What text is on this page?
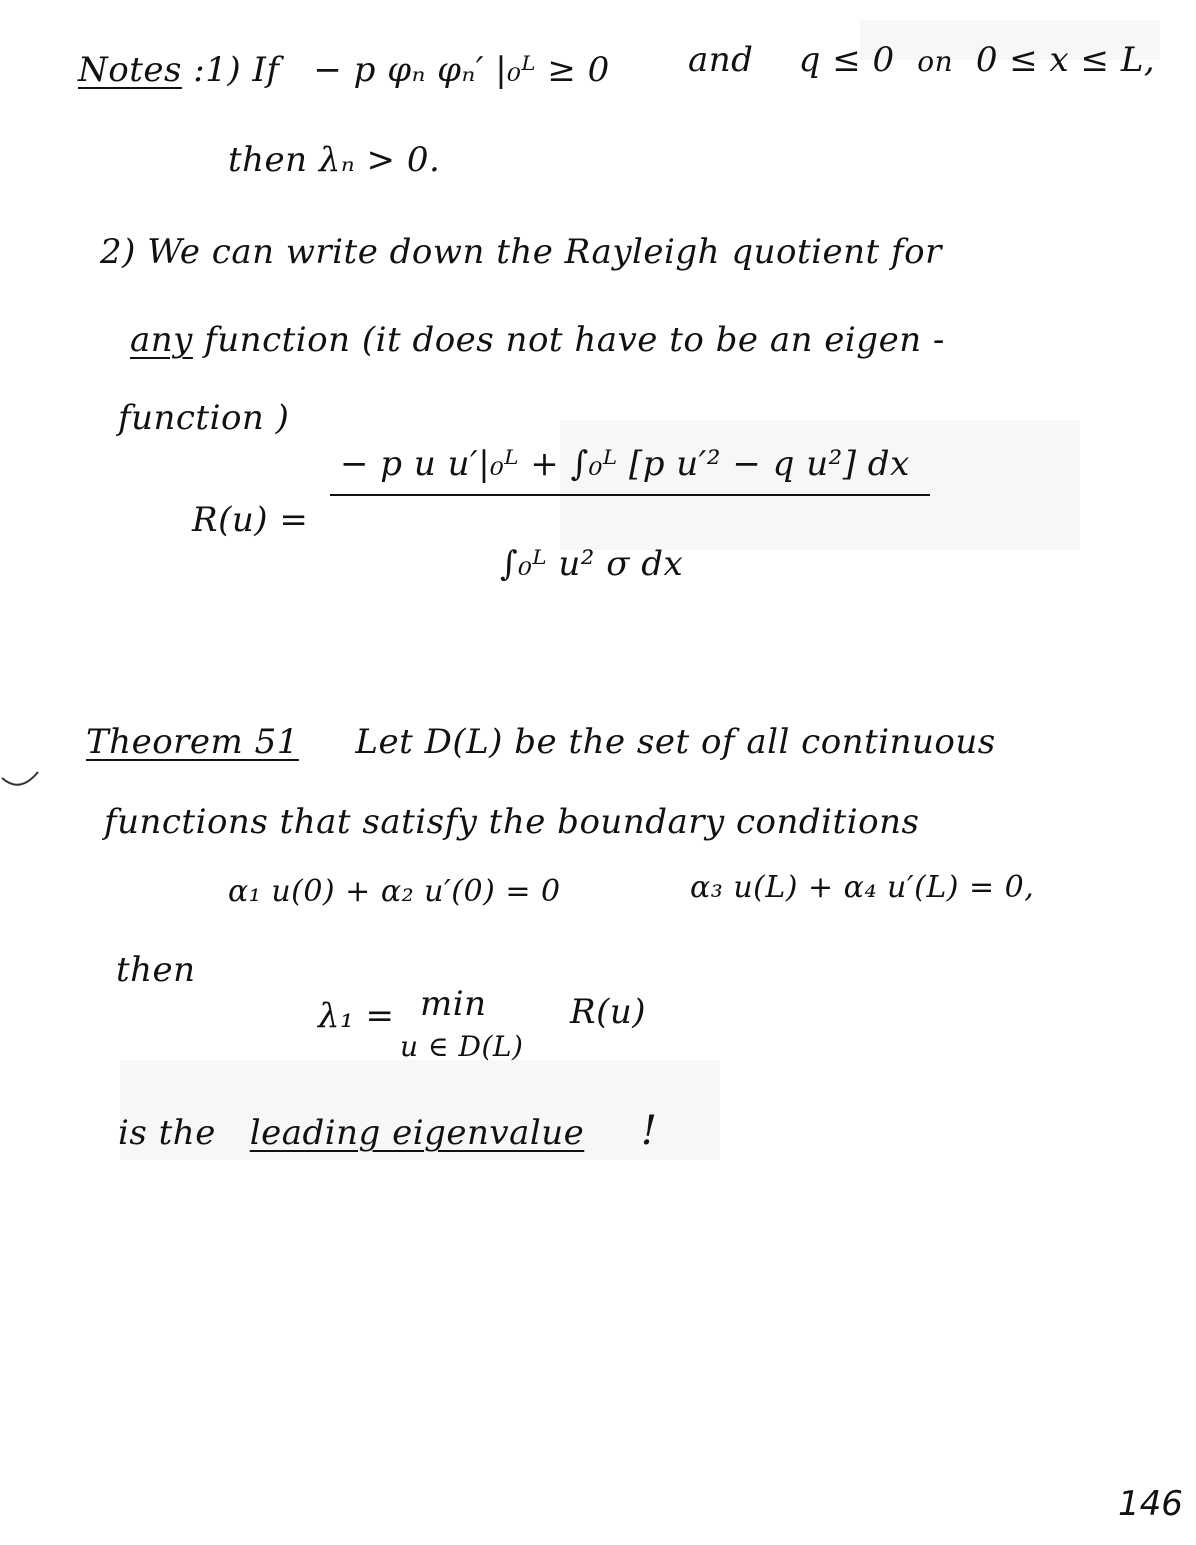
Notes :1) If − p φₙ φₙ′ |₀ᴸ ≥ 0 and q ≤ 0 on 0 ≤ x ≤ L,
then λₙ > 0.
2) We can write down the Rayleigh quotient for
any function (it does not have to be an eigen -
function )
R(u) =
− p u u′|₀ᴸ + ∫₀ᴸ [p u′² − q u²] dx
∫₀ᴸ u² σ dx
Theorem 51 Let D(L) be the set of all continuous
functions that satisfy the boundary conditions
α₁ u(0) + α₂ u′(0) = 0	α₃ u(L) + α₄ u′(L) = 0,
then
λ₁ = min
u ∈ D(L)
R(u)
is the leading eigenvalue !
146
